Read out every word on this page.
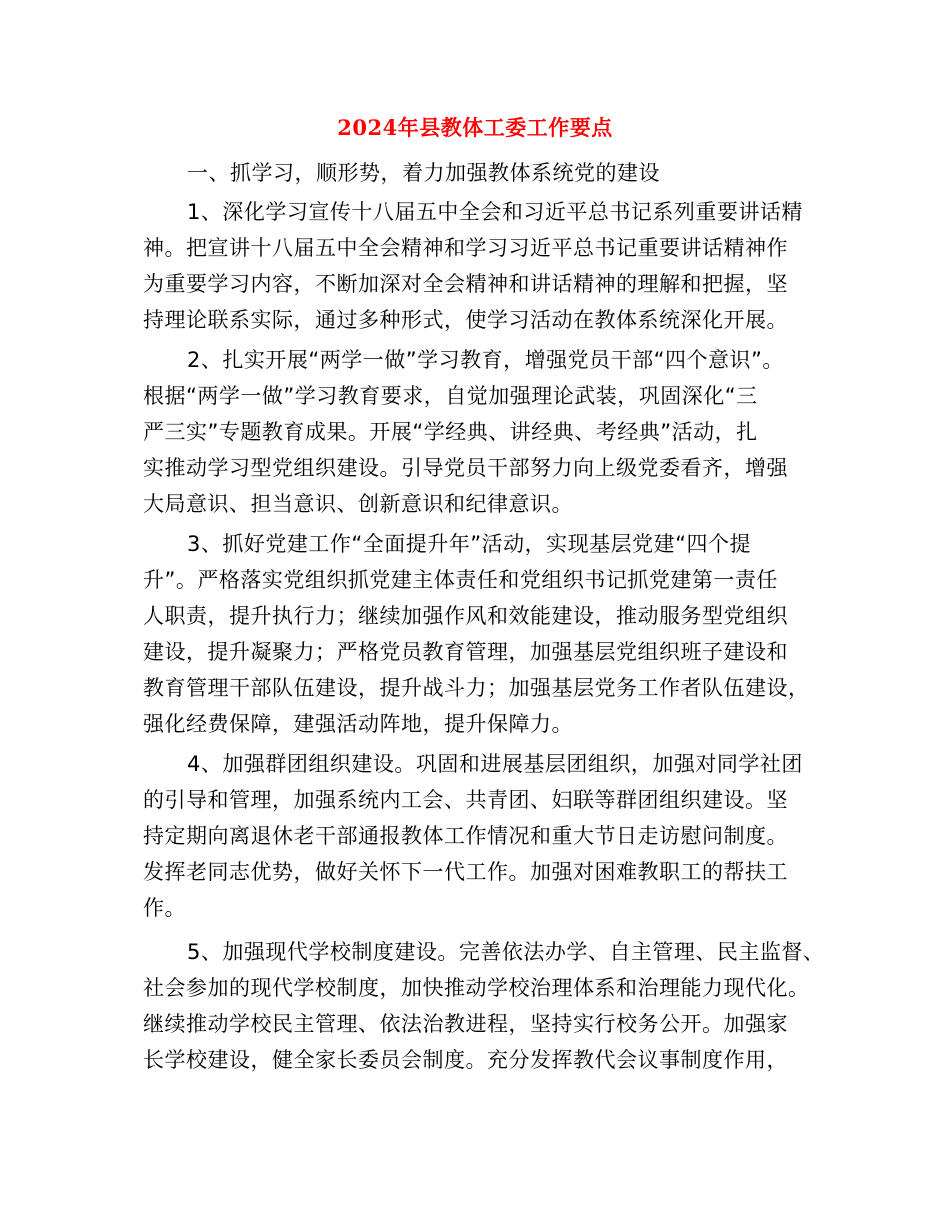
2024年县教体工委工作要点
一、抓学习，顺形势，着力加强教体系统党的建设
1、深化学习宣传十八届五中全会和习近平总书记系列重要讲话精
神。把宣讲十八届五中全会精神和学习习近平总书记重要讲话精神作
为重要学习内容，不断加深对全会精神和讲话精神的理解和把握，坚
持理论联系实际，通过多种形式，使学习活动在教体系统深化开展。
2、扎实开展“两学一做”学习教育，增强党员干部“四个意识”。
根据“两学一做”学习教育要求，自觉加强理论武装，巩固深化“三
严三实”专题教育成果。开展“学经典、讲经典、考经典”活动，扎
实推动学习型党组织建设。引导党员干部努力向上级党委看齐，增强
大局意识、担当意识、创新意识和纪律意识。
3、抓好党建工作“全面提升年”活动，实现基层党建“四个提
升”。严格落实党组织抓党建主体责任和党组织书记抓党建第一责任
人职责，提升执行力；继续加强作风和效能建设，推动服务型党组织
建设，提升凝聚力；严格党员教育管理，加强基层党组织班子建设和
教育管理干部队伍建设，提升战斗力；加强基层党务工作者队伍建设，
强化经费保障，建强活动阵地，提升保障力。
4、加强群团组织建设。巩固和进展基层团组织，加强对同学社团
的引导和管理，加强系统内工会、共青团、妇联等群团组织建设。坚
持定期向离退休老干部通报教体工作情况和重大节日走访慰问制度。
发挥老同志优势，做好关怀下一代工作。加强对困难教职工的帮扶工
作。
5、加强现代学校制度建设。完善依法办学、自主管理、民主监督、
社会参加的现代学校制度，加快推动学校治理体系和治理能力现代化。
继续推动学校民主管理、依法治教进程，坚持实行校务公开。加强家
长学校建设，健全家长委员会制度。充分发挥教代会议事制度作用，
